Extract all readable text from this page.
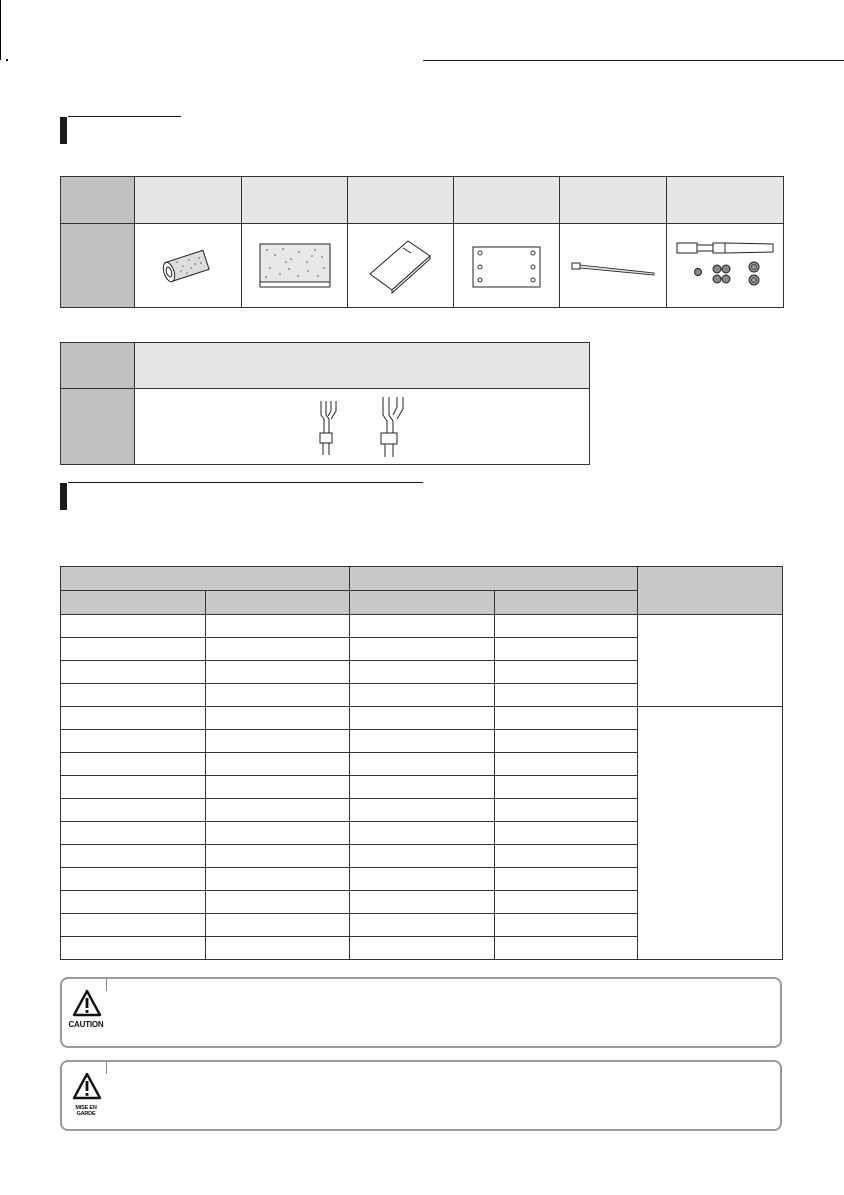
CAUTION
MISE EN GARDE
